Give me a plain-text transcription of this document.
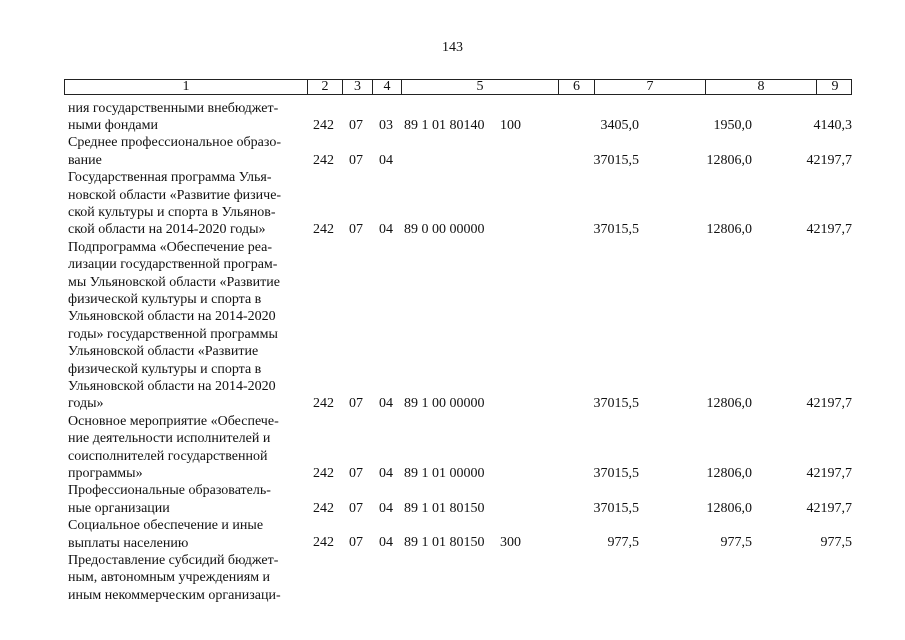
143
1	2	3	4	5	6	7	8	9
ния государственными внебюджет-
ными фондами	242 07 03 89 1 01 80140 100	3405,0	1950,0	4140,3
Среднее профессиональное образо-
вание	242 07 04	37015,5	12806,0	42197,7
Государственная программа Улья-
новской области «Развитие физиче-
ской культуры и спорта в Ульянов-
ской области на 2014-2020 годы»	242 07 04 89 0 00 00000	37015,5	12806,0	42197,7
Подпрограмма «Обеспечение реа-
лизации государственной програм-
мы Ульяновской области «Развитие
физической культуры и спорта в
Ульяновской области на 2014-2020
годы» государственной программы
Ульяновской области «Развитие
физической культуры и спорта в
Ульяновской области на 2014-2020
годы»	242 07 04 89 1 00 00000	37015,5	12806,0	42197,7
Основное мероприятие «Обеспече-
ние деятельности исполнителей и
соисполнителей государственной
программы»	242 07 04 89 1 01 00000	37015,5	12806,0	42197,7
Профессиональные образователь-
ные организации	242 07 04 89 1 01 80150	37015,5	12806,0	42197,7
Социальное обеспечение и иные
выплаты населению	242 07 04 89 1 01 80150 300	977,5	977,5	977,5
Предоставление субсидий бюджет-
ным, автономным учреждениям и
иным некоммерческим организаци-
